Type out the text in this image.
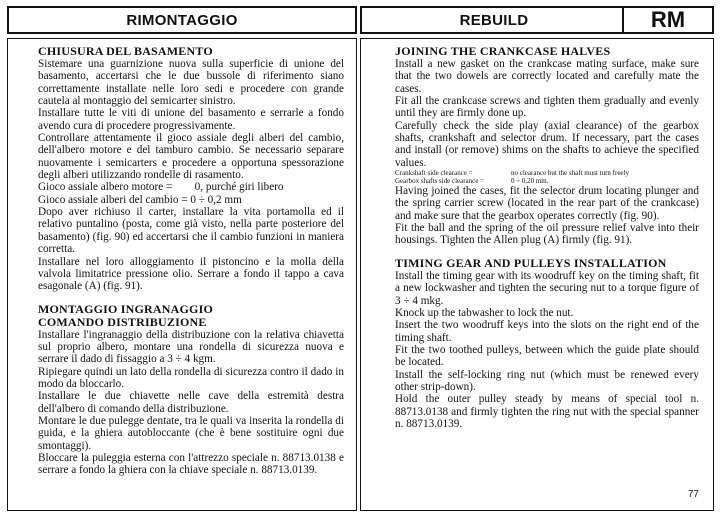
RIMONTAGGIO	REBUILD	RM
CHIUSURA DEL BASAMENTO

Sistemare una guarnizione nuova sulla superficie di unione del basamento, accertarsi che le due bussole di riferimento siano correttamente installate nelle loro sedi e procedere con grande cautela al montaggio del semicarter sinistro.

Installare tutte le viti di unione del basamento e serrarle a fondo avendo cura di procedere progressivamente.

Controllare attentamente il gioco assiale degli alberi del cambio, dell'albero motore e del tamburo cambio. Se necessario separare nuovamente i semicarters e procedere a opportuna spessorazione degli alberi utilizzando rondelle di rasamento.

Gioco assiale albero motore =        0, purché giri libero

Gioco assiale alberi del cambio = 0 ÷ 0,2 mm

Dopo aver richiuso il carter, installare la vita portamolla ed il relativo puntalino (posta, come già visto, nella parte posteriore del basamento) (fig. 90) ed accertarsi che il cambio funzioni in maniera corretta.

Installare nel loro alloggiamento il pistoncino e la molla della valvola limitatrice pressione olio. Serrare a fondo il tappo a cava esagonale (A) (fig. 91).

MONTAGGIO INGRANAGGIO
COMANDO DISTRIBUZIONE

Installare l'ingranaggio della distribuzione con la relativa chiavetta sul proprio albero, montare una rondella di sicurezza nuova e serrare il dado di fissaggio a 3 ÷ 4 kgm.

Ripiegare quindi un lato della rondella di sicurezza contro il dado in modo da bloccarlo.

Installare le due chiavette nelle cave della estremità destra dell'albero di comando della distribuzione.

Montare le due pulegge dentate, tra le quali va inserita la rondella di guida, e la ghiera autobloccante (che è bene sostituire ogni due smontaggi).

Bloccare la puleggia esterna con l'attrezzo speciale n. 88713.0138 e serrare a fondo la ghiera con la chiave speciale n. 88713.0139.

JOINING THE CRANKCASE HALVES

Install a new gasket on the crankcase mating surface, make sure that the two dowels are correctly located and carefully mate the cases.

Fit all the crankcase screws and tighten them gradually and evenly until they are firmly done up.

Carefully check the side play (axial clearance) of the gearbox shafts, crankshaft and selector drum. If necessary, part the cases and install (or remove) shims on the shafts to achieve the specified values.

Crankshaft side clearance =	no clearance but the shaft must turn freely
Gearbox shafts side clearance =	0 ÷ 0,20 mm.

Having joined the cases, fit the selector drum locating plunger and the spring carrier screw (located in the rear part of the crankcase) and make sure that the gearbox operates correctly (fig. 90).

Fit the ball and the spring of the oil pressure relief valve into their housings. Tighten the Allen plug (A) firmly (fig. 91).

TIMING GEAR AND PULLEYS INSTALLATION

Install the timing gear with its woodruff key on the timing shaft, fit a new lockwasher and tighten the securing nut to a torque figure of 3 ÷ 4 mkg.

Knock up the tabwasher to lock the nut.

Insert the two woodruff keys into the slots on the right end of the timing shaft.

Fit the two toothed pulleys, between which the guide plate should be located.

Install the self-locking ring nut (which must be renewed every other strip-down).

Hold the outer pulley steady by means of special tool n. 88713.0138 and firmly tighten the ring nut with the special spanner n. 88713.0139.

77
